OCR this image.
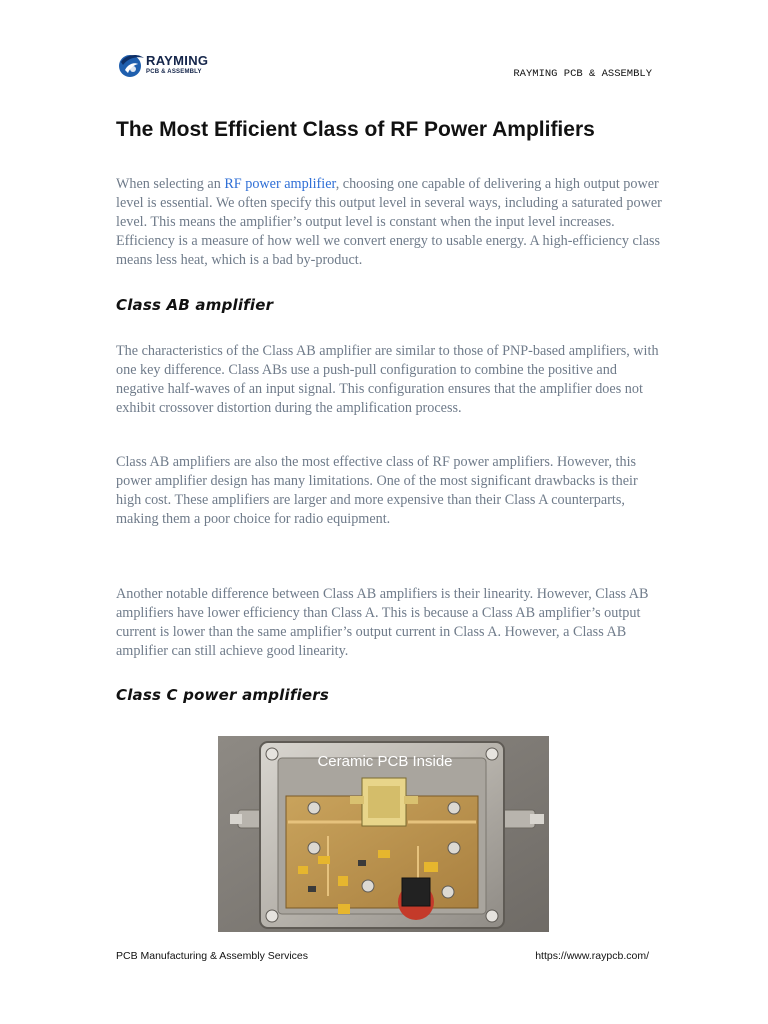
RAYMING
PCB & ASSEMBLY	RAYMING PCB & ASSEMBLY
The Most Efficient Class of RF Power Amplifiers

When selecting an RF power amplifier, choosing one capable of delivering a high output power level is essential. We often specify this output level in several ways, including a saturated power level. This means the amplifier’s output level is constant when the input level increases. Efficiency is a measure of how well we convert energy to usable energy. A high-efficiency class means less heat, which is a bad by-product.

Class AB amplifier

The characteristics of the Class AB amplifier are similar to those of PNP-based amplifiers, with one key difference. Class ABs use a push-pull configuration to combine the positive and negative half-waves of an input signal. This configuration ensures that the amplifier does not exhibit crossover distortion during the amplification process.

Class AB amplifiers are also the most effective class of RF power amplifiers. However, this power amplifier design has many limitations. One of the most significant drawbacks is their high cost. These amplifiers are larger and more expensive than their Class A counterparts, making them a poor choice for radio equipment.

Another notable difference between Class AB amplifiers is their linearity. However, Class AB amplifiers have lower efficiency than Class A. This is because a Class AB amplifier’s output current is lower than the same amplifier’s output current in Class A. However, a Class AB amplifier can still achieve good linearity.

Class C power amplifiers
Ceramic PCB Inside
PCB Manufacturing & Assembly Services	https://www.raypcb.com/
